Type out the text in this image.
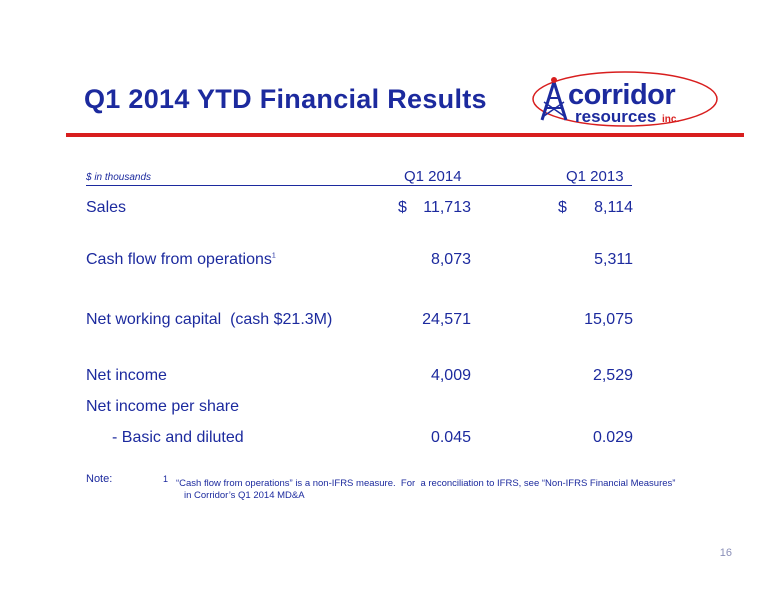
Q1 2014 YTD Financial Results	corridor
resources inc.
$ in thousands	Q1 2014	Q1 2013
Sales	$ 11,713	$ 8,114
Cash flow from operations$^1$	8,073	5,311
Net working capital  (cash $21.3M)	24,571	15,075
Net income	4,009	2,529
Net income per share
- Basic and diluted	0.045	0.029
Note:	1 “Cash flow from operations” is a non-IFRS measure.  For  a reconciliation to IFRS, see “Non-IFRS Financial Measures”
in Corridor’s Q1 2014 MD&A
16
